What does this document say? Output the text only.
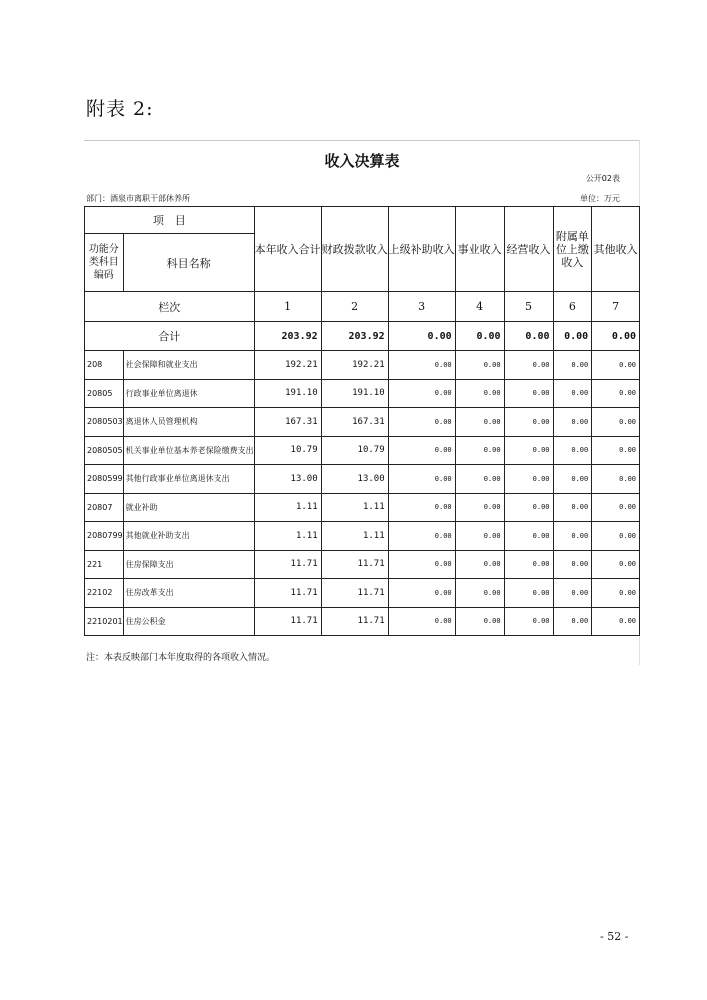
附表 2:
收入决算表
公开02表
部门：酒泉市离职干部休养所	单位：万元
项　目		本年收入合计	财政拨款收入	上级补助收入	事业收入	经营收入	附属单位上缴收入	其他收入
功能分类科目编码	科目名称							
栏次		1	2	3	4	5	6	7
合计		203.92	203.92	0.00	0.00	0.00	0.00	0.00
208	社会保障和就业支出	192.21	192.21	0.00	0.00	0.00	0.00	0.00
20805	行政事业单位离退休	191.10	191.10	0.00	0.00	0.00	0.00	0.00
2080503	离退休人员管理机构	167.31	167.31	0.00	0.00	0.00	0.00	0.00
2080505	机关事业单位基本养老保险缴费支出	10.79	10.79	0.00	0.00	0.00	0.00	0.00
2080599	其他行政事业单位离退休支出	13.00	13.00	0.00	0.00	0.00	0.00	0.00
20807	就业补助	1.11	1.11	0.00	0.00	0.00	0.00	0.00
2080799	其他就业补助支出	1.11	1.11	0.00	0.00	0.00	0.00	0.00
221	住房保障支出	11.71	11.71	0.00	0.00	0.00	0.00	0.00
22102	住房改革支出	11.71	11.71	0.00	0.00	0.00	0.00	0.00
2210201	住房公积金	11.71	11.71	0.00	0.00	0.00	0.00	0.00
注：本表反映部门本年度取得的各项收入情况。
- 52 -
